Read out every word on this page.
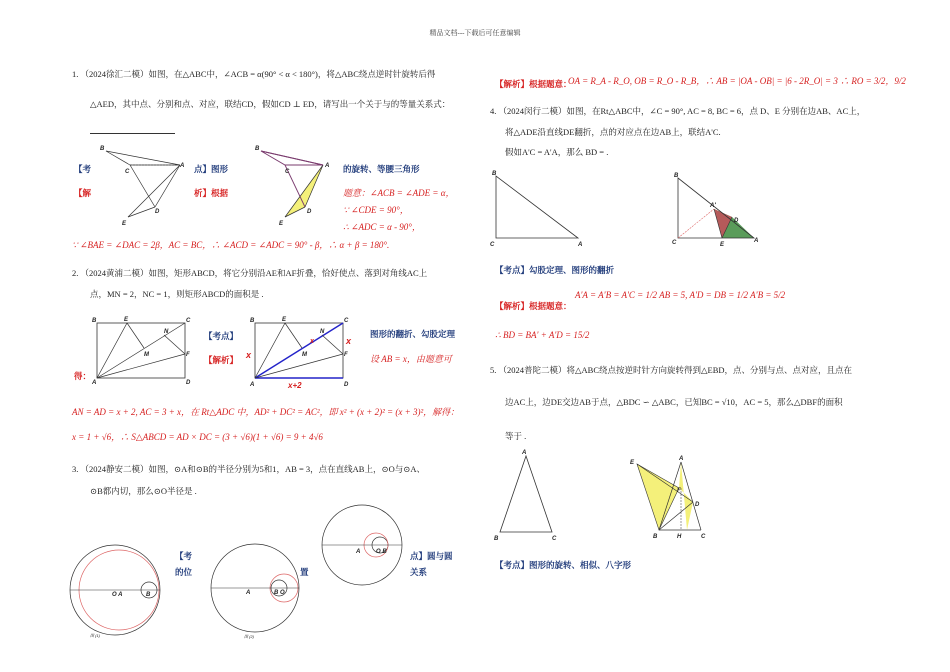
精品文档---下载后可任意编辑
1. （2024徐汇二模）如图，在△ABC中，∠ACB = α(90° < α < 180°)，将△ABC绕点逆时针旋转后得
△AED，其中点、分别和点、对应，联结CD，假如CD ⊥ ED，请写出一个关于与的等量关系式：
【考	点】图形	的旋转、等腰三角形
【解	析】根据	题意：∠ACB = ∠ADE = α，
∵ ∠CDE = 90°，
∴ ∠ADC = α - 90°，
∵ ∠BAE = ∠DAC = 2β，AC = BC，∴ ∠ACD = ∠ADC = 90° - β，∴ α + β = 180°.
B
C
A
D
E
B
C
A
D
E
2. （2024黄浦二模）如图，矩形ABCD，将它分别沿AE和AF折叠，恰好使点、落到对角线AC上
点，MN = 2，NC = 1，则矩形ABCD的面积是 .
B	E	C
F
N
M
A	D
【考点】
【解析】
B	E	C
F
N
M
A	D
x
x
x+2
x
图形的翻折、勾股定理
设 AB = x，由题意可
得：
AN = AD = x + 2, AC = 3 + x，在 Rt△ADC 中，AD² + DC² = AC²，即 x² + (x + 2)² = (x + 3)²，解得：
x = 1 + √6，∴ S△ABCD = AD × DC = (3 + √6)(1 + √6) = 9 + 4√6
3. （2024静安二模）如图，⊙A和⊙B的半径分别为5和1，AB = 3，点在直线AB上，⊙O与⊙A、
⊙B都内切，那么⊙O半径是 .
O A	B
图 (1)
【考
的位
A	B O
图 (2)
置
A	O B	点】圆与圆
关系
【解析】根据题意：
OA = R_A - R_O, OB = R_O - R_B，∴ AB = |OA - OB| = |6 - 2R_O| = 3 ∴ RO = 3/2，9/2
4. （2024闵行二模）如图，在Rt△ABC中，∠C = 90°, AC = 8, BC = 6，点 D、E 分别在边AB、AC上，
将△ADE沿直线DE翻折，点的对应点在边AB上，联结A'C.
假如A'C = A'A，那么 BD = .
B
C	A
B
C
A'
D
E
A
【考点】勾股定理、图形的翻折
【解析】根据题意：
A'A = A'B = A'C = 1/2 AB = 5, A'D = DB = 1/2 A'B = 5/2
∴ BD = BA' + A'D = 15/2
5. （2024普陀二模）将△ABC绕点按逆时针方向旋转得到△EBD，点、分别与点、点对应，且点在
边AC上，边DE交边AB于点，△BDC ∽ △ABC，已知BC = √10，AC = 5，那么△DBF的面积
等于 .
A
B	C
E
A
F
D
B	H	C
【考点】图形的旋转、相似、八字形
